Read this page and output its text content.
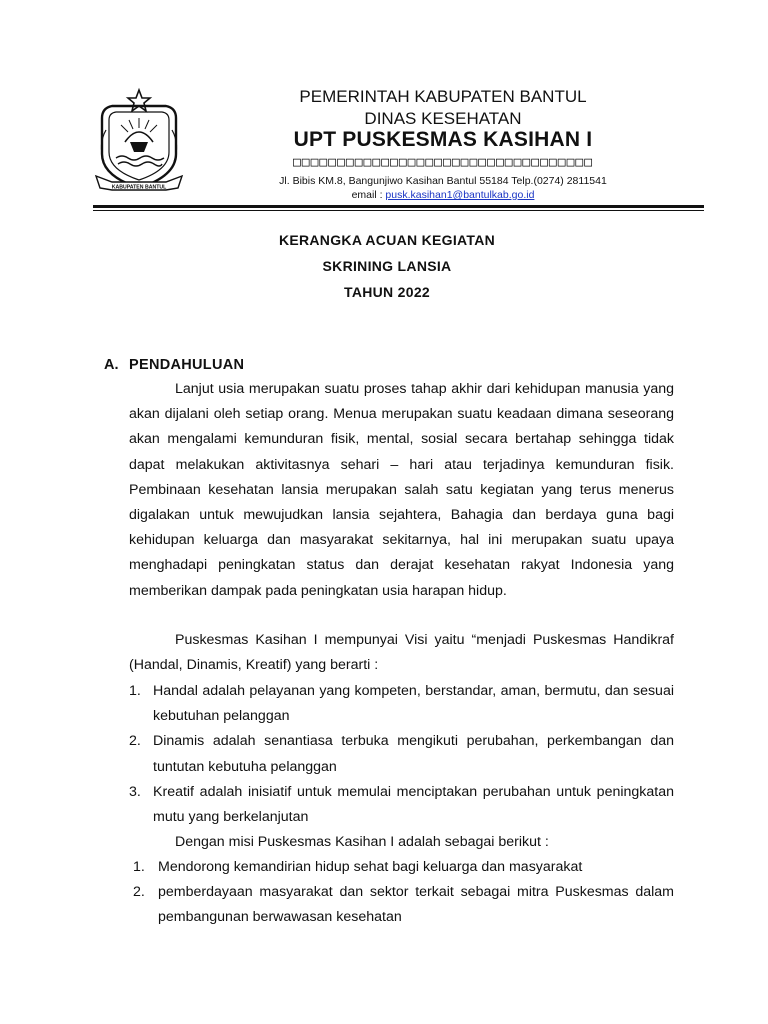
KABUPATEN BANTUL
PEMERINTAH KABUPATEN BANTUL
DINAS KESEHATAN
UPT PUSKESMAS KASIHAN I
□□□□□□□□□□□□□□□□□□□□□□□□□□□□□□□□□□
Jl. Bibis KM.8, Bangunjiwo Kasihan Bantul 55184 Telp.(0274) 2811541
email : pusk.kasihan1@bantulkab.go.id
KERANGKA ACUAN KEGIATAN
SKRINING LANSIA
TAHUN 2022
A. PENDAHULUAN
Lanjut usia merupakan suatu proses tahap akhir dari kehidupan manusia yang akan dijalani oleh setiap orang. Menua merupakan suatu keadaan dimana seseorang akan mengalami kemunduran fisik, mental, sosial secara bertahap sehingga tidak dapat melakukan aktivitasnya sehari – hari atau terjadinya kemunduran fisik. Pembinaan kesehatan lansia merupakan salah satu kegiatan yang terus menerus digalakan untuk mewujudkan lansia sejahtera, Bahagia dan berdaya guna bagi kehidupan keluarga dan masyarakat sekitarnya, hal ini merupakan suatu upaya menghadapi peningkatan status dan derajat kesehatan rakyat Indonesia yang memberikan dampak pada peningkatan usia harapan hidup.
Puskesmas Kasihan I mempunyai Visi yaitu “menjadi Puskesmas Handikraf (Handal, Dinamis, Kreatif) yang berarti :
1. Handal adalah pelayanan yang kompeten, berstandar, aman, bermutu, dan sesuai kebutuhan pelanggan
2. Dinamis adalah senantiasa terbuka mengikuti perubahan, perkembangan dan tuntutan kebutuha pelanggan
3. Kreatif adalah inisiatif untuk memulai menciptakan perubahan untuk peningkatan mutu yang berkelanjutan
Dengan misi Puskesmas Kasihan I adalah sebagai berikut :
1. Mendorong kemandirian hidup sehat bagi keluarga dan masyarakat
2. pemberdayaan masyarakat dan sektor terkait sebagai mitra Puskesmas dalam pembangunan berwawasan kesehatan
